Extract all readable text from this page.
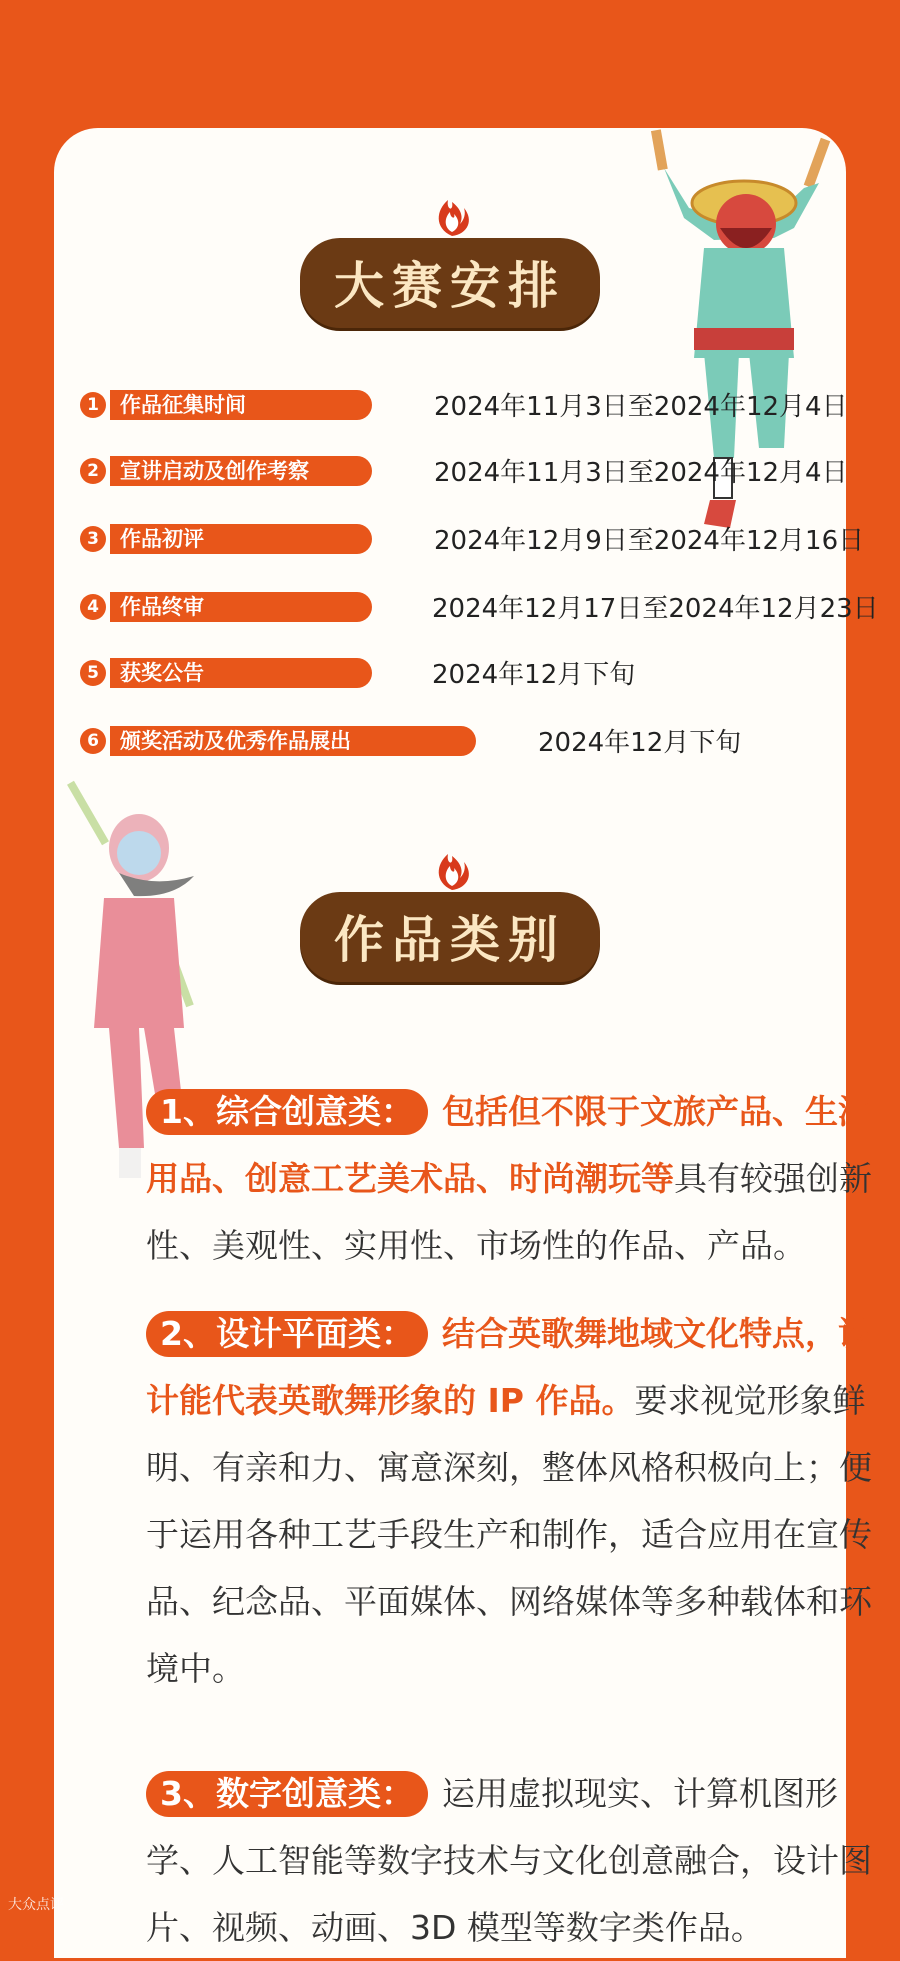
大赛安排
1	作品征集时间	2024年11月3日至2024年12月4日
2	宣讲启动及创作考察	2024年11月3日至2024年12月4日
3	作品初评	2024年12月9日至2024年12月16日
4	作品终审	2024年12月17日至2024年12月23日
5	获奖公告	2024年12月下旬
6	颁奖活动及优秀作品展出	2024年12月下旬
作品类别
1、综合创意类： 包括但不限于文旅产品、生活用品、创意工艺美术品、时尚潮玩等具有较强创新性、美观性、实用性、市场性的作品、产品。
2、设计平面类： 结合英歌舞地域文化特点，设计能代表英歌舞形象的 IP 作品。要求视觉形象鲜明、有亲和力、寓意深刻，整体风格积极向上；便于运用各种工艺手段生产和制作，适合应用在宣传品、纪念品、平面媒体、网络媒体等多种载体和环境中。
3、数字创意类： 运用虚拟现实、计算机图形学、人工智能等数字技术与文化创意融合，设计图片、视频、动画、3D 模型等数字类作品。
大众点评
